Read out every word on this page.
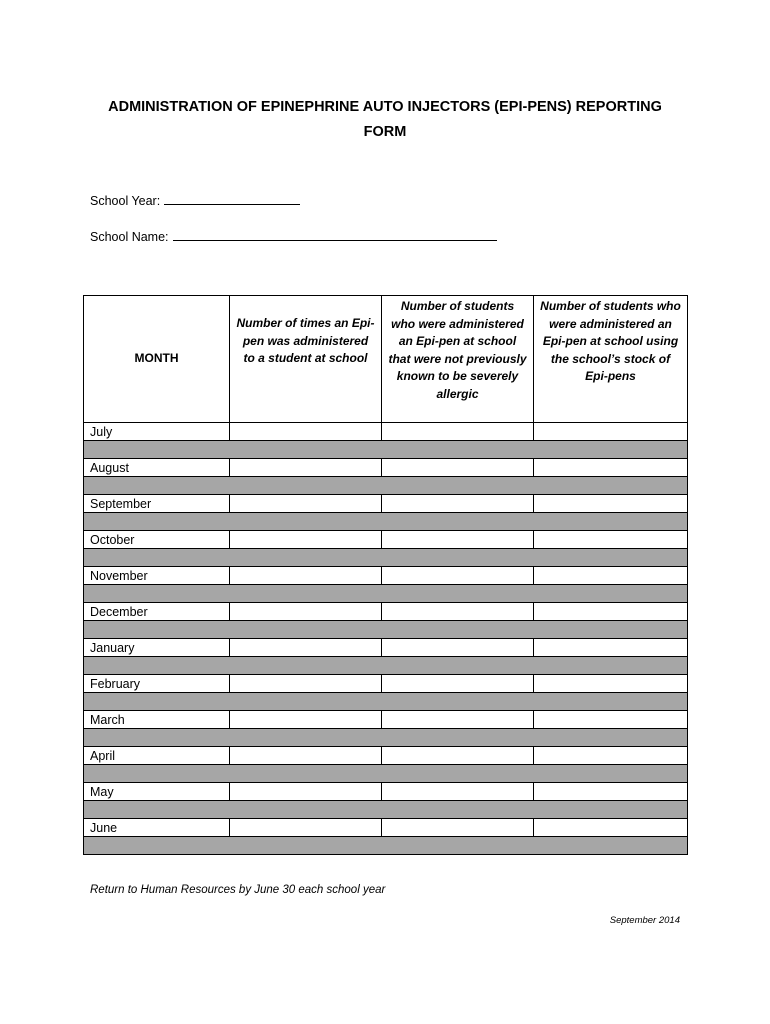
ADMINISTRATION OF EPINEPHRINE AUTO INJECTORS (EPI-PENS) REPORTING
FORM
School Year:
School Name:
MONTH	Number of times an Epi-pen was administered to a student at school	Number of students who were administered an Epi-pen at school that were not previously known to be severely allergic	Number of students who were administered an Epi-pen at school using the school’s stock of Epi-pens
July			

August			

September			

October			

November			

December			

January			

February			

March			

April			

May			

June			

Return to Human Resources by June 30 each school year
September 2014
